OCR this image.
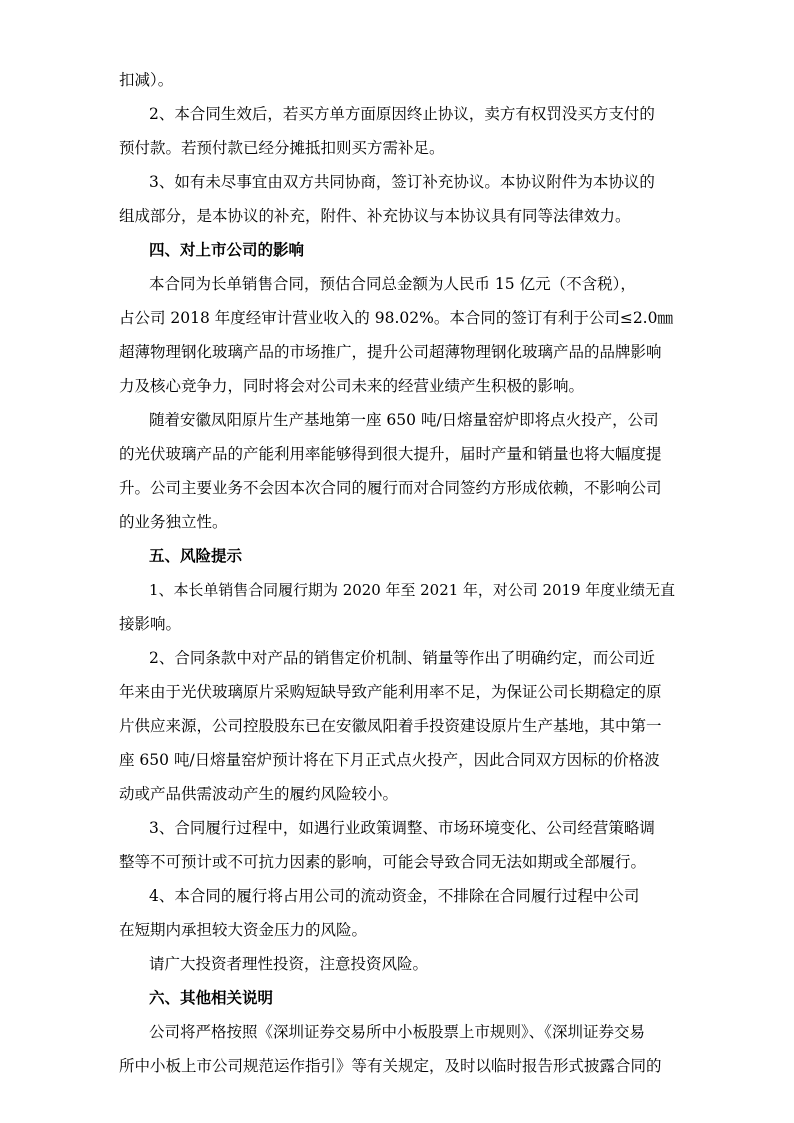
扣减）。
2、本合同生效后，若买方单方面原因终止协议，卖方有权罚没买方支付的
预付款。若预付款已经分摊抵扣则买方需补足。
3、如有未尽事宜由双方共同协商，签订补充协议。本协议附件为本协议的
组成部分，是本协议的补充，附件、补充协议与本协议具有同等法律效力。
四、对上市公司的影响
本合同为长单销售合同，预估合同总金额为人民币 15 亿元（不含税），
占公司 2018 年度经审计营业收入的 98.02%。本合同的签订有利于公司≤2.0㎜
超薄物理钢化玻璃产品的市场推广，提升公司超薄物理钢化玻璃产品的品牌影响
力及核心竞争力，同时将会对公司未来的经营业绩产生积极的影响。
随着安徽凤阳原片生产基地第一座 650 吨/日熔量窑炉即将点火投产，公司
的光伏玻璃产品的产能利用率能够得到很大提升，届时产量和销量也将大幅度提
升。公司主要业务不会因本次合同的履行而对合同签约方形成依赖，不影响公司
的业务独立性。
五、风险提示
1、本长单销售合同履行期为 2020 年至 2021 年，对公司 2019 年度业绩无直
接影响。
2、合同条款中对产品的销售定价机制、销量等作出了明确约定，而公司近
年来由于光伏玻璃原片采购短缺导致产能利用率不足，为保证公司长期稳定的原
片供应来源，公司控股股东已在安徽凤阳着手投资建设原片生产基地，其中第一
座 650 吨/日熔量窑炉预计将在下月正式点火投产，因此合同双方因标的价格波
动或产品供需波动产生的履约风险较小。
3、合同履行过程中，如遇行业政策调整、市场环境变化、公司经营策略调
整等不可预计或不可抗力因素的影响，可能会导致合同无法如期或全部履行。
4、本合同的履行将占用公司的流动资金，不排除在合同履行过程中公司
在短期内承担较大资金压力的风险。
请广大投资者理性投资，注意投资风险。
六、其他相关说明
公司将严格按照《深圳证券交易所中小板股票上市规则》、《深圳证券交易
所中小板上市公司规范运作指引》等有关规定，及时以临时报告形式披露合同的
